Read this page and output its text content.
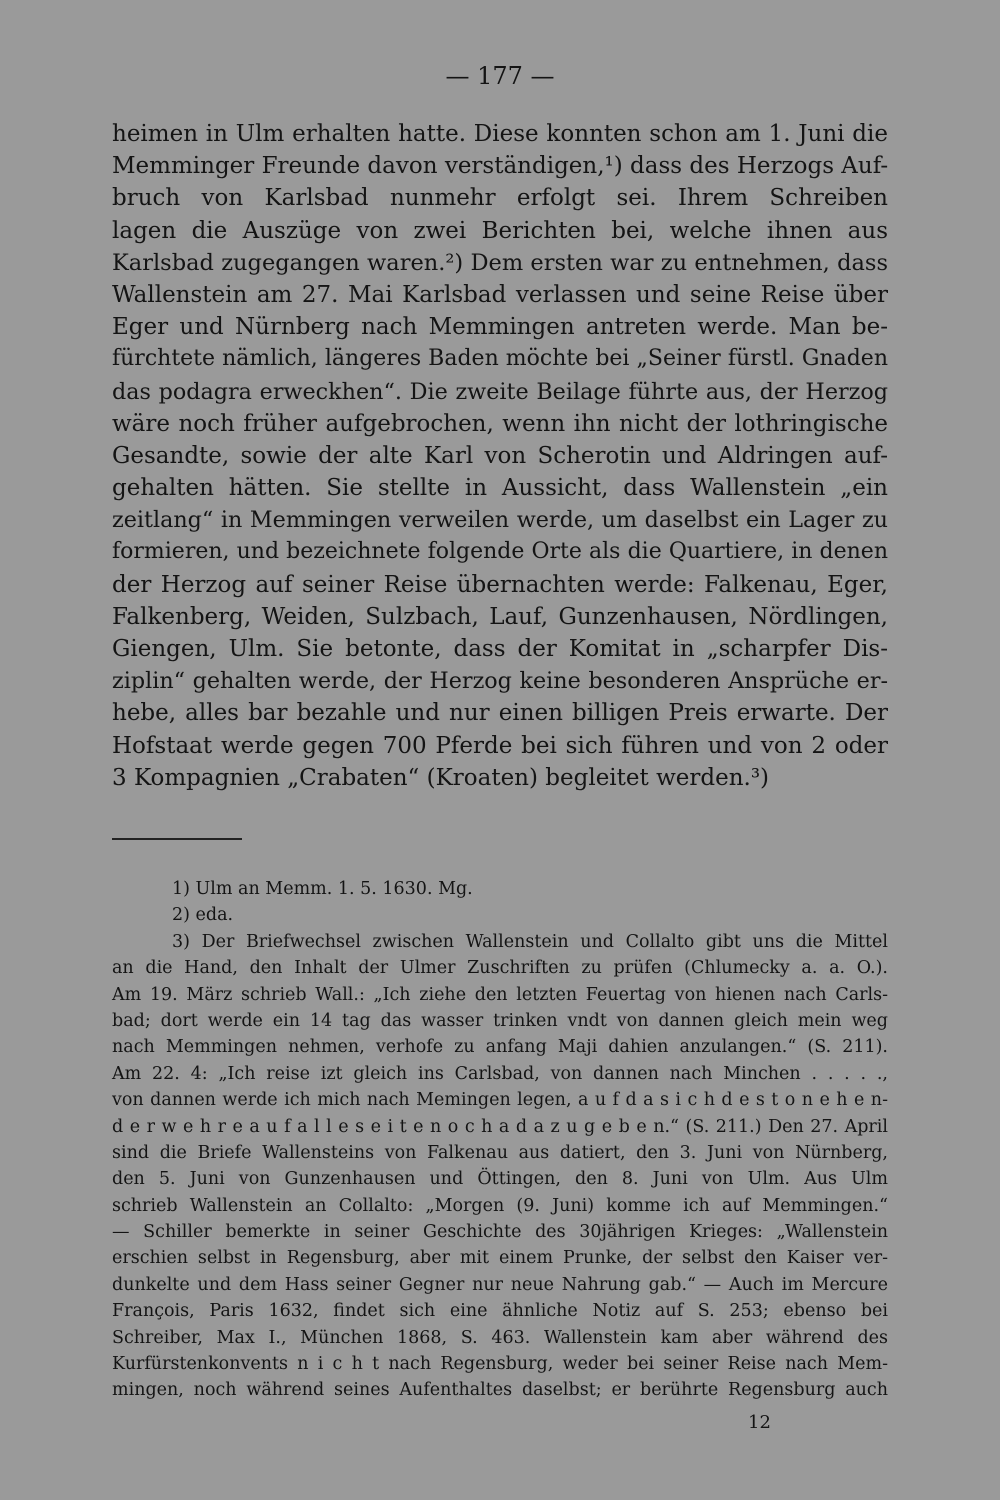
— 177 —
heimen in Ulm erhalten hatte. Diese konnten schon am 1. Juni die
Memminger Freunde davon verständigen,¹) dass des Herzogs Auf-
bruch von Karlsbad nunmehr erfolgt sei. Ihrem Schreiben
lagen die Auszüge von zwei Berichten bei, welche ihnen aus
Karlsbad zugegangen waren.²) Dem ersten war zu entnehmen, dass
Wallenstein am 27. Mai Karlsbad verlassen und seine Reise über
Eger und Nürnberg nach Memmingen antreten werde. Man be-
fürchtete nämlich, längeres Baden möchte bei „Seiner fürstl. Gnaden
das podagra erweckhen“. Die zweite Beilage führte aus, der Herzog
wäre noch früher aufgebrochen, wenn ihn nicht der lothringische
Gesandte, sowie der alte Karl von Scherotin und Aldringen auf-
gehalten hätten. Sie stellte in Aussicht, dass Wallenstein „ein
zeitlang“ in Memmingen verweilen werde, um daselbst ein Lager zu
formieren, und bezeichnete folgende Orte als die Quartiere, in denen
der Herzog auf seiner Reise übernachten werde: Falkenau, Eger,
Falkenberg, Weiden, Sulzbach, Lauf, Gunzenhausen, Nördlingen,
Giengen, Ulm. Sie betonte, dass der Komitat in „scharpfer Dis-
ziplin“ gehalten werde, der Herzog keine besonderen Ansprüche er-
hebe, alles bar bezahle und nur einen billigen Preis erwarte. Der
Hofstaat werde gegen 700 Pferde bei sich führen und von 2 oder
3 Kompagnien „Crabaten“ (Kroaten) begleitet werden.³)
1) Ulm an Memm. 1. 5. 1630. Mg.
2) eda.
3) Der Briefwechsel zwischen Wallenstein und Collalto gibt uns die Mittel
an die Hand, den Inhalt der Ulmer Zuschriften zu prüfen (Chlumecky a. a. O.).
Am 19. März schrieb Wall.: „Ich ziehe den letzten Feuertag von hienen nach Carls-
bad; dort werde ein 14 tag das wasser trinken vndt von dannen gleich mein weg
nach Memmingen nehmen, verhofe zu anfang Maji dahien anzulangen.“ (S. 211).
Am 22. 4: „Ich reise izt gleich ins Carlsbad, von dannen nach Minchen . . . . .,
von dannen werde ich mich nach Memingen legen, a u f d a s i c h d e s t o n e h e n-
d e r w e h r e a u f a l l e s e i t e n o c h a d a z u g e b e n.“ (S. 211.) Den 27. April
sind die Briefe Wallensteins von Falkenau aus datiert, den 3. Juni von Nürnberg,
den 5. Juni von Gunzenhausen und Öttingen, den 8. Juni von Ulm. Aus Ulm
schrieb Wallenstein an Collalto: „Morgen (9. Juni) komme ich auf Memmingen.“
— Schiller bemerkte in seiner Geschichte des 30jährigen Krieges: „Wallenstein
erschien selbst in Regensburg, aber mit einem Prunke, der selbst den Kaiser ver-
dunkelte und dem Hass seiner Gegner nur neue Nahrung gab.“ — Auch im Mercure
François, Paris 1632, findet sich eine ähnliche Notiz auf S. 253; ebenso bei
Schreiber, Max I., München 1868, S. 463. Wallenstein kam aber während des
Kurfürstenkonvents n i c h t nach Regensburg, weder bei seiner Reise nach Mem-
mingen, noch während seines Aufenthaltes daselbst; er berührte Regensburg auch
12
